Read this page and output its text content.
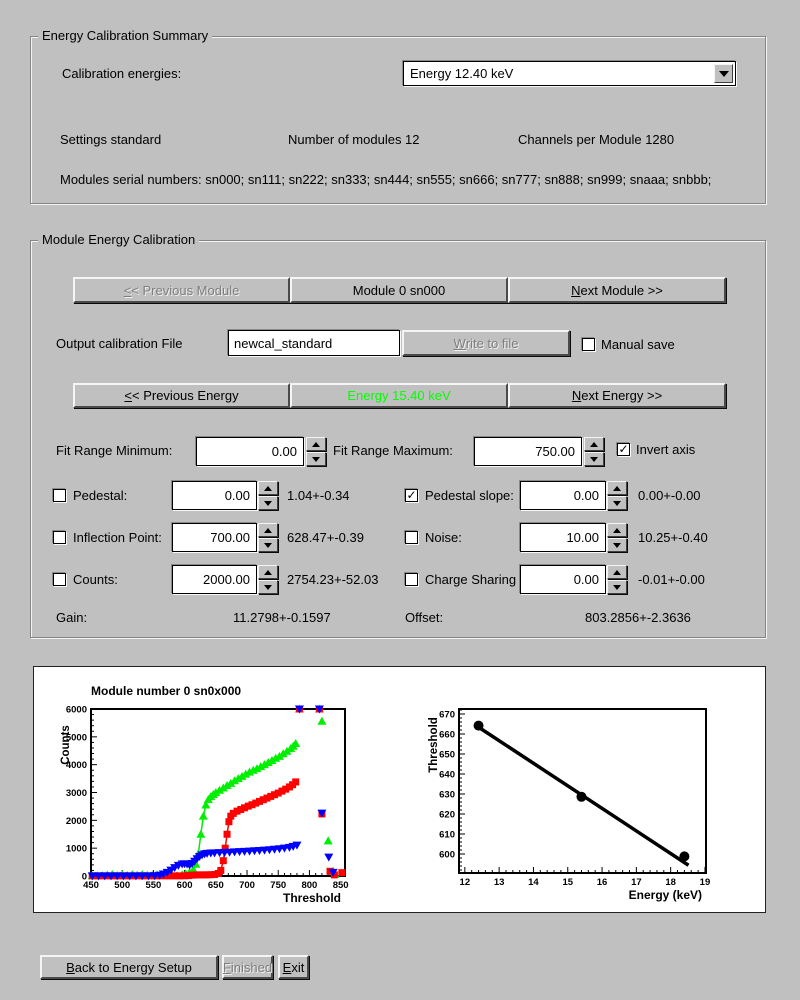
Energy Calibration Summary
Calibration energies:	Energy 12.40 keV
Settings standard	Number of modules 12	Channels per Module 1280
Modules serial numbers: sn000; sn111; sn222; sn333; sn444; sn555; sn666; sn777; sn888; sn999; snaaa; snbbb;
Module Energy Calibration
< < Previous Module	Module 0 sn000	N ext Module >>
Output calibration File
newcal_standard	W rite to file	Manual save
< < Previous Energy	Energy 15.40 keV	N ext Energy >>
Fit Range Minimum:
0.00	Fit Range Maximum:
750.00	✓ Invert axis
Pedestal:
0.00	1.04+-0.34
Inflection Point:
700.00	628.47+-0.39
Counts:
2000.00	2754.23+-52.03
✓ Pedestal slope:
0.00	0.00+-0.00
Noise:
10.00	10.25+-0.40
Charge Sharing
0.00	-0.01+-0.00
Gain:	11.2798+-0.1597	Offset:	803.2856+-2.3636
450 500 550 600 650 700 750 800 850
0
1000
2000
3000
4000
5000
6000
Module number 0 sn0x000
Threshold
Counts
12 13 14 15 16 17 18 19
600
610
620
630
640
650
660
670
Energy (keV)
Threshold
B ack to Energy Setup F inished E xit
